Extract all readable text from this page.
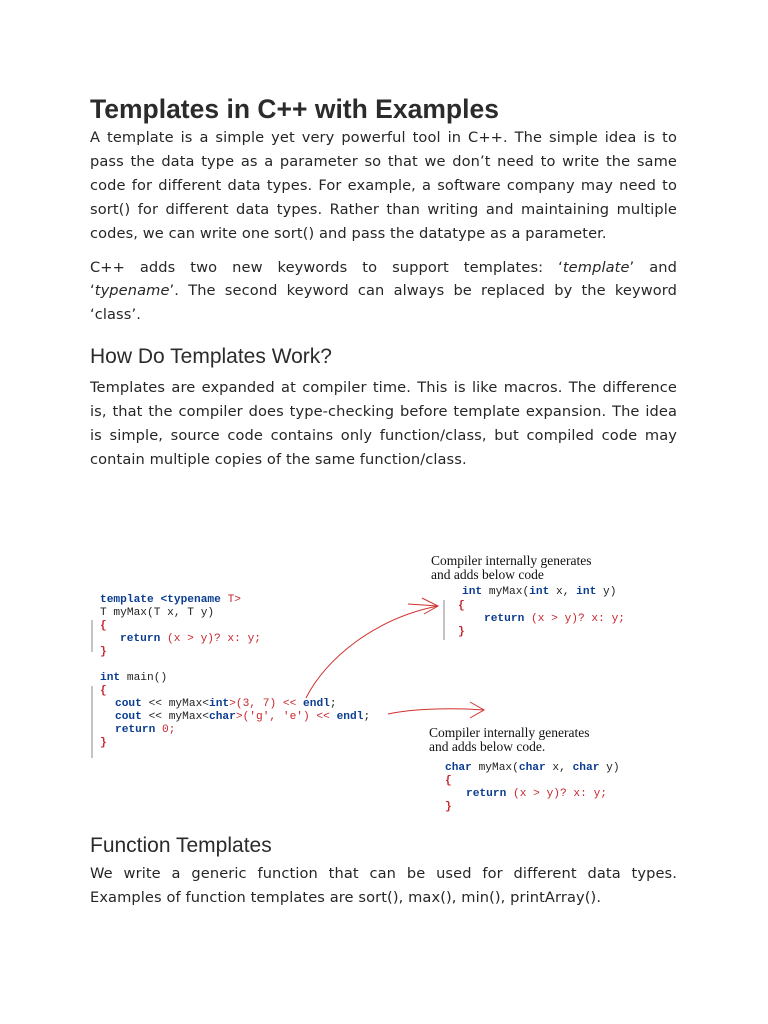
Templates in C++ with Examples

A template is a simple yet very powerful tool in C++. The simple idea is to pass the data type as a parameter so that we don’t need to write the same code for different data types. For example, a software company may need to sort() for different data types. Rather than writing and maintaining multiple codes, we can write one sort() and pass the datatype as a parameter.

C++ adds two new keywords to support templates: ‘template’ and ‘typename’. The second keyword can always be replaced by the keyword ‘class’.

How Do Templates Work?

Templates are expanded at compiler time. This is like macros. The difference is, that the compiler does type-checking before template expansion. The idea is simple, source code contains only function/class, but compiled code may contain multiple copies of the same function/class.

Compiler internally generates
and adds below code
int myMax(int x, int y)
{
return (x > y)? x: y;
}
template <typename T>
T myMax(T x, T y)
{
return (x > y)? x: y;
}
int main()
{
cout << myMax<int>(3, 7) << endl;
cout << myMax<char>('g', 'e') << endl;
return 0;
}
Compiler internally generates
and adds below code.
char myMax(char x, char y)
{
return (x > y)? x: y;
}
Function Templates

We write a generic function that can be used for different data types. Examples of function templates are sort(), max(), min(), printArray().
